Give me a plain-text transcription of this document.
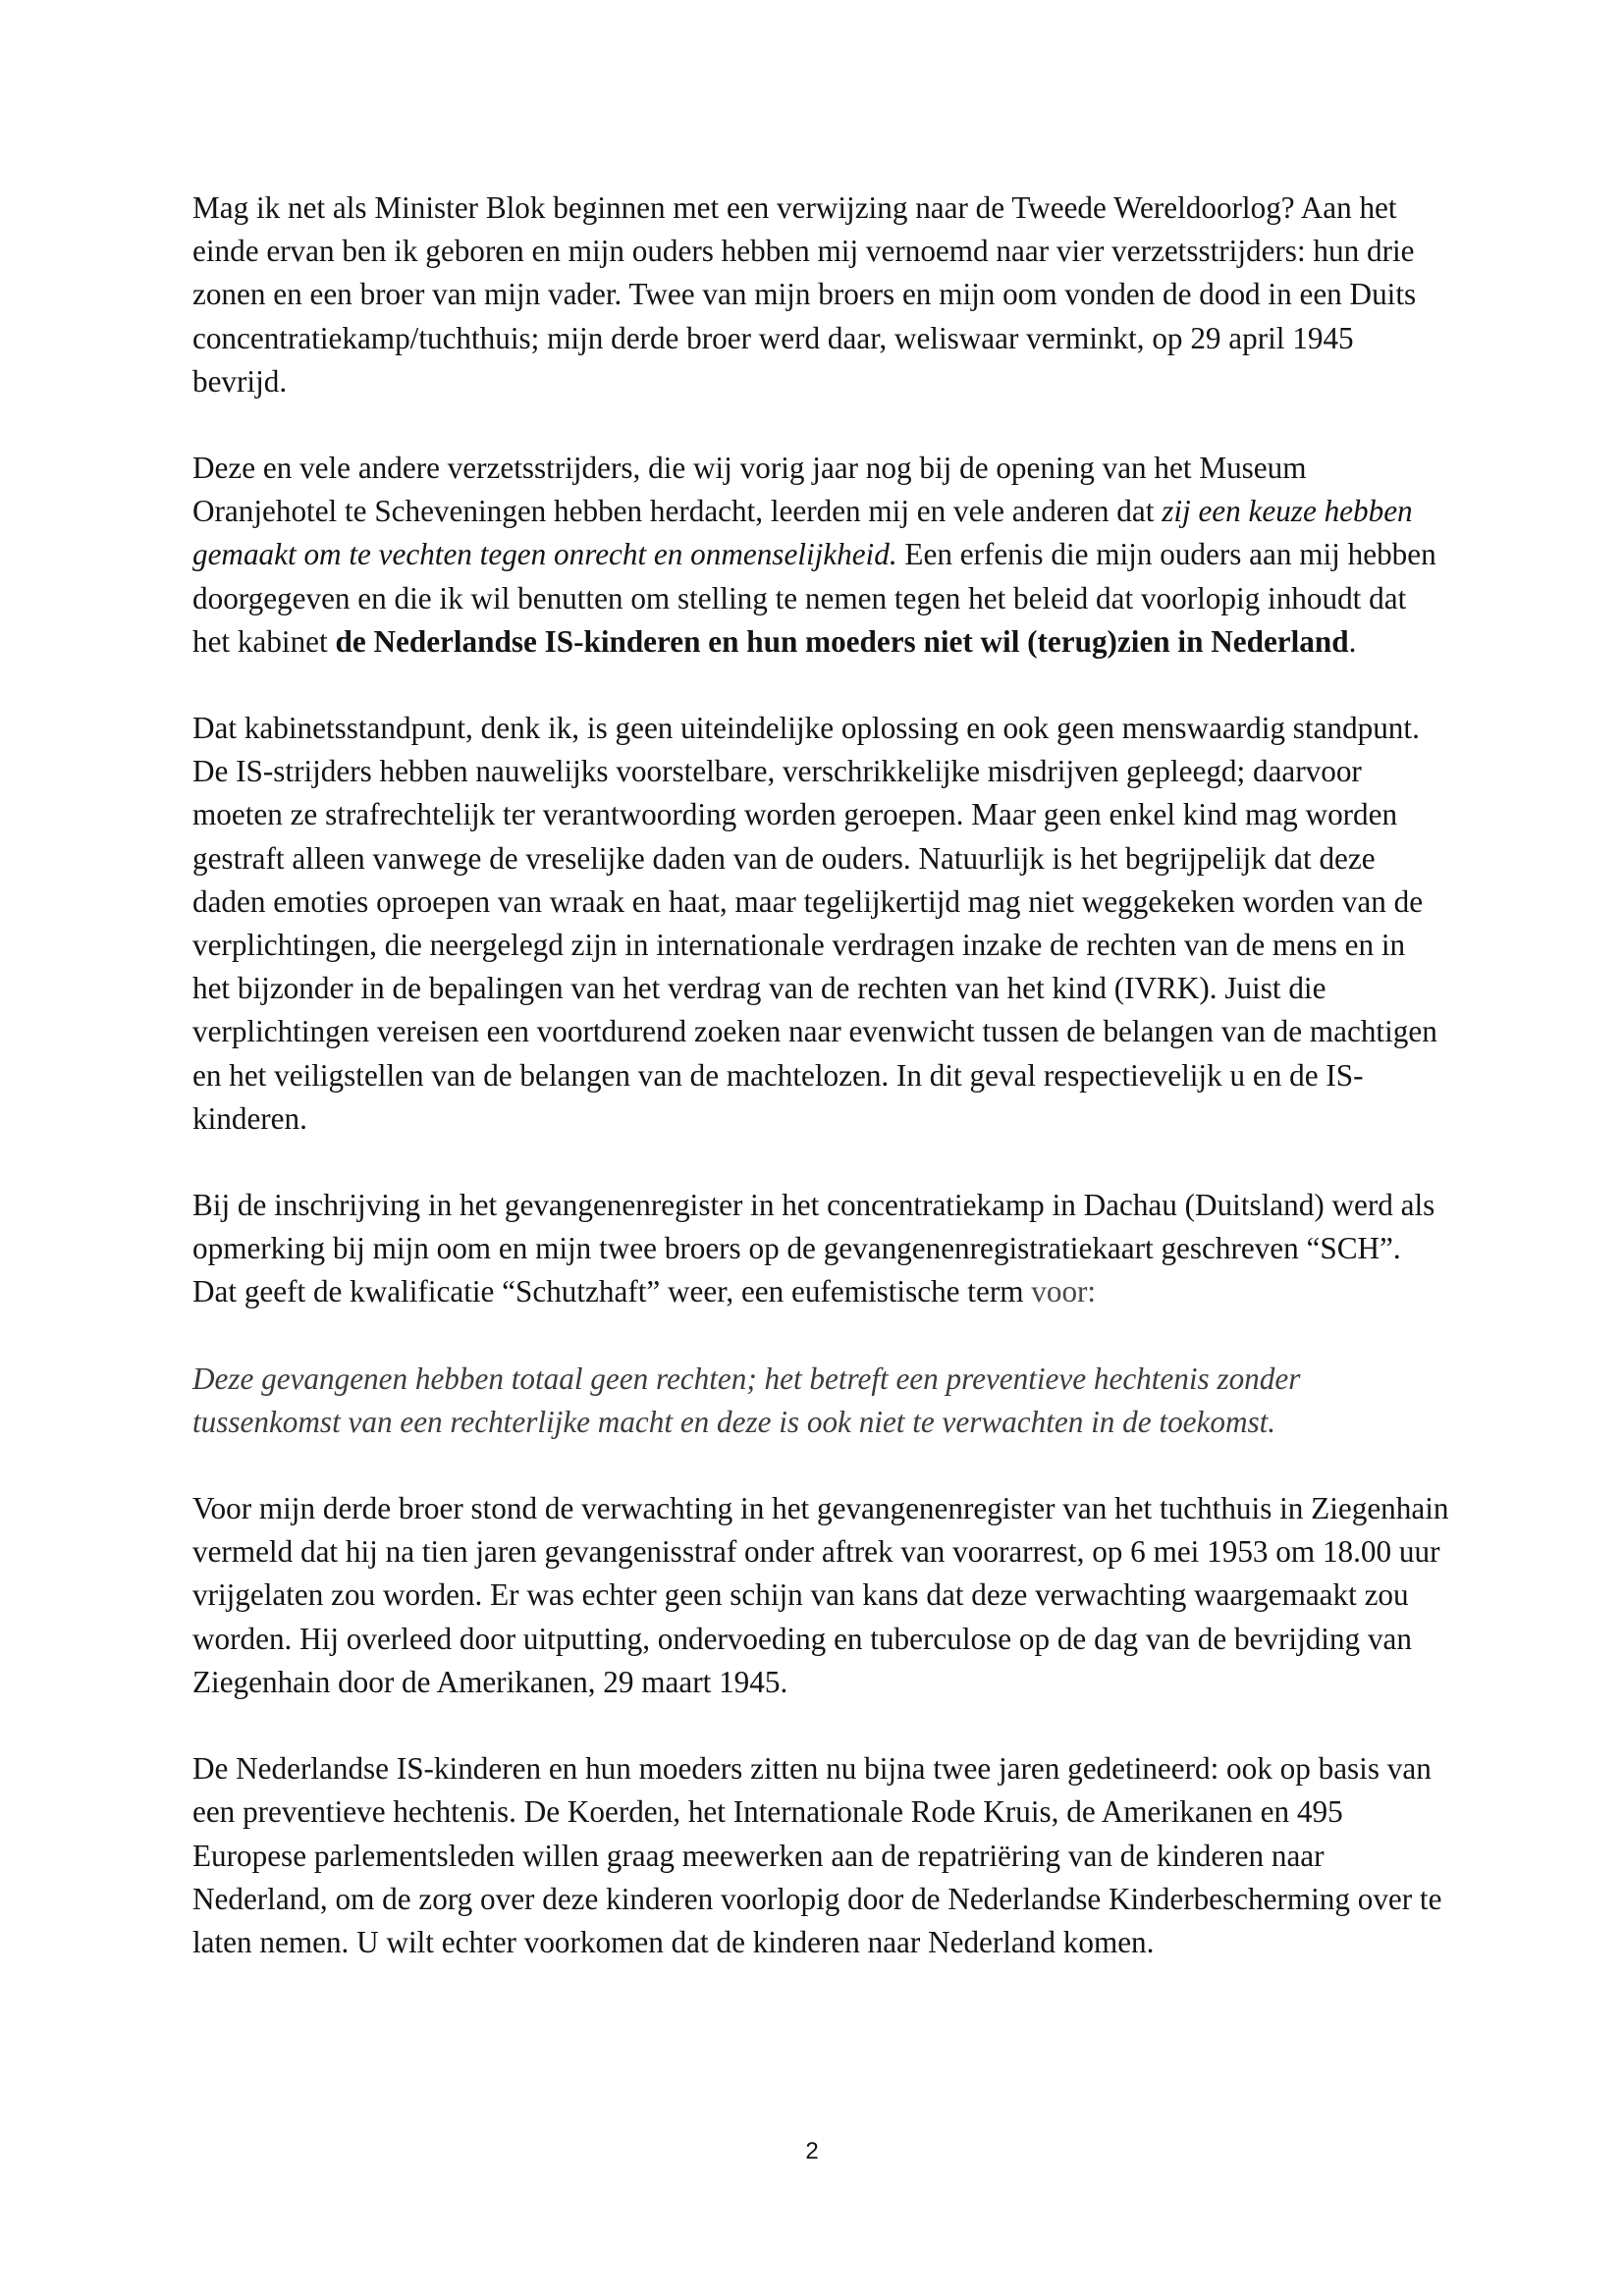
Mag ik net als Minister Blok beginnen met een verwijzing naar de Tweede Wereldoorlog? Aan het einde ervan ben ik geboren en mijn ouders hebben mij vernoemd naar vier verzetsstrijders: hun drie zonen en een broer van mijn vader. Twee van mijn broers en mijn oom vonden de dood in een Duits concentratiekamp/tuchthuis; mijn derde broer werd daar, weliswaar verminkt, op 29 april 1945 bevrijd.

Deze en vele andere verzetsstrijders, die wij vorig jaar nog bij de opening van het Museum Oranjehotel te Scheveningen hebben herdacht, leerden mij en vele anderen dat zij een keuze hebben gemaakt om te vechten tegen onrecht en onmenselijkheid. Een erfenis die mijn ouders aan mij hebben doorgegeven en die ik wil benutten om stelling te nemen tegen het beleid dat voorlopig inhoudt dat het kabinet de Nederlandse IS-kinderen en hun moeders niet wil (terug)zien in Nederland.

Dat kabinetsstandpunt, denk ik, is geen uiteindelijke oplossing en ook geen menswaardig standpunt. De IS-strijders hebben nauwelijks voorstelbare, verschrikkelijke misdrijven gepleegd; daarvoor moeten ze strafrechtelijk ter verantwoording worden geroepen. Maar geen enkel kind mag worden gestraft alleen vanwege de vreselijke daden van de ouders. Natuurlijk is het begrijpelijk dat deze daden emoties oproepen van wraak en haat, maar tegelijkertijd mag niet weggekeken worden van de verplichtingen, die neergelegd zijn in internationale verdragen inzake de rechten van de mens en in het bijzonder in de bepalingen van het verdrag van de rechten van het kind (IVRK). Juist die verplichtingen vereisen een voortdurend zoeken naar evenwicht tussen de belangen van de machtigen en het veiligstellen van de belangen van de machtelozen. In dit geval respectievelijk u en de IS-kinderen.

Bij de inschrijving in het gevangenenregister in het concentratiekamp in Dachau (Duitsland) werd als opmerking bij mijn oom en mijn twee broers op de gevangenenregistratiekaart geschreven “SCH”. Dat geeft de kwalificatie “Schutzhaft” weer, een eufemistische term voor:

Deze gevangenen hebben totaal geen rechten; het betreft een preventieve hechtenis zonder tussenkomst van een rechterlijke macht en deze is ook niet te verwachten in de toekomst.

Voor mijn derde broer stond de verwachting in het gevangenenregister van het tuchthuis in Ziegenhain vermeld dat hij na tien jaren gevangenisstraf onder aftrek van voorarrest, op 6 mei 1953 om 18.00 uur vrijgelaten zou worden. Er was echter geen schijn van kans dat deze verwachting waargemaakt zou worden. Hij overleed door uitputting, ondervoeding en tuberculose op de dag van de bevrijding van Ziegenhain door de Amerikanen, 29 maart 1945.

De Nederlandse IS-kinderen en hun moeders zitten nu bijna twee jaren gedetineerd: ook op basis van een preventieve hechtenis. De Koerden, het Internationale Rode Kruis, de Amerikanen en 495 Europese parlementsleden willen graag meewerken aan de repatriëring van de kinderen naar Nederland, om de zorg over deze kinderen voorlopig door de Nederlandse Kinderbescherming over te laten nemen. U wilt echter voorkomen dat de kinderen naar Nederland komen.

2
